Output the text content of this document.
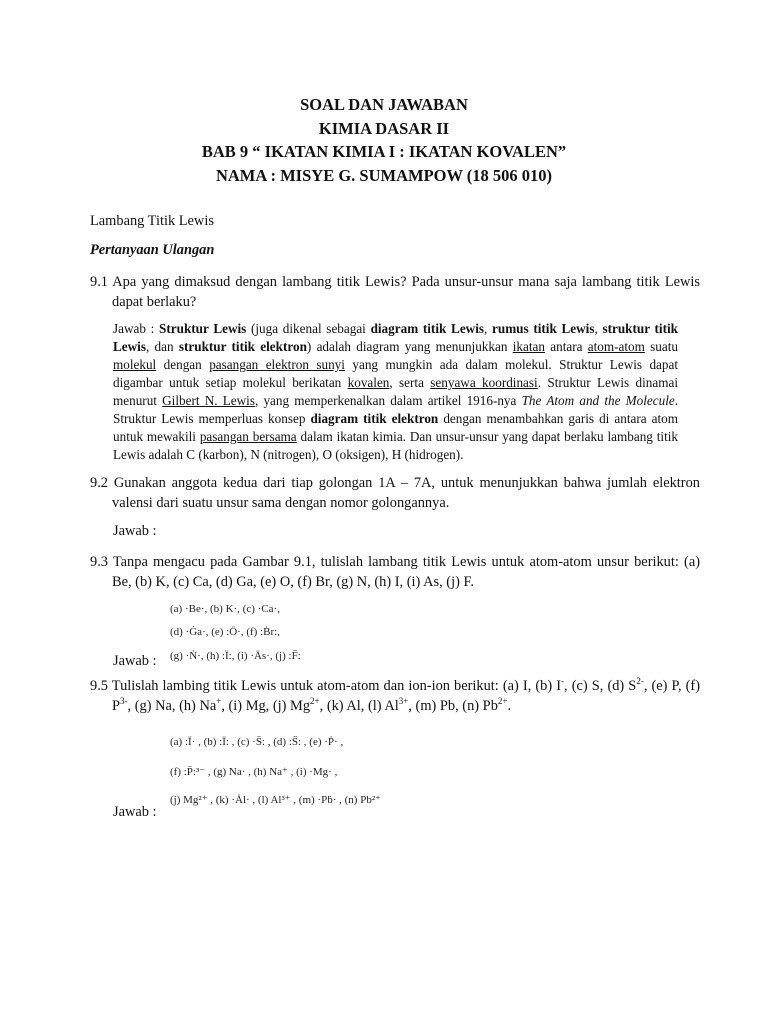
SOAL DAN JAWABAN
KIMIA DASAR II
BAB 9 “ IKATAN KIMIA I : IKATAN KOVALEN”
NAMA : MISYE G. SUMAMPOW (18 506 010)
Lambang Titik Lewis
Pertanyaan Ulangan
9.1 Apa yang dimaksud dengan lambang titik Lewis? Pada unsur-unsur mana saja lambang titik Lewis dapat berlaku?
Jawab : Struktur Lewis (juga dikenal sebagai diagram titik Lewis, rumus titik Lewis, struktur titik Lewis, dan struktur titik elektron) adalah diagram yang menunjukkan ikatan antara atom-atom suatu molekul dengan pasangan elektron sunyi yang mungkin ada dalam molekul. Struktur Lewis dapat digambar untuk setiap molekul berikatan kovalen, serta senyawa koordinasi. Struktur Lewis dinamai menurut Gilbert N. Lewis, yang memperkenalkan dalam artikel 1916-nya The Atom and the Molecule. Struktur Lewis memperluas konsep diagram titik elektron dengan menambahkan garis di antara atom untuk mewakili pasangan bersama dalam ikatan kimia. Dan unsur-unsur yang dapat berlaku lambang titik Lewis adalah C (karbon), N (nitrogen), O (oksigen), H (hidrogen).
9.2 Gunakan anggota kedua dari tiap golongan 1A – 7A, untuk menunjukkan bahwa jumlah elektron valensi dari suatu unsur sama dengan nomor golongannya.
Jawab :
9.3 Tanpa mengacu pada Gambar 9.1, tulislah lambang titik Lewis untuk atom-atom unsur berikut: (a) Be, (b) K, (c) Ca, (d) Ga, (e) O, (f) Br, (g) N, (h) I, (i) As, (j) F.
(a) ·Be·, (b) K·, (c) ·Ca·,
(d) ·Ġa·, (e) :Ö·, (f) :Ḃr:,
(g) ·Ṅ·, (h) :Ï:, (i) ·Äs·, (j) :F̈:
Jawab :
9.5 Tulislah lambing titik Lewis untuk atom-atom dan ion-ion berikut: (a) I, (b) I-, (c) S, (d) $S^{2-}$, (e) P, (f) $P^{3-}$, (g) Na, (h) Na+, (i) Mg, (j) $Mg^{2+}$, (k) Al, (l) $Al^{3+}$, (m) Pb, (n) $Pb^{2+}$.
(a) :Ï· , (b) :Ï: , (c) ·S̈: , (d) :S̈: , (e) ·Ṗ· ,
(f) :P̈:³⁻ , (g) Na· , (h) Na⁺ , (i) ·Mg· ,
(j) Mg²⁺ , (k) ·Ȧl· , (l) Al³⁺ , (m) ·Pḃ· , (n) Pb²⁺
Jawab :
